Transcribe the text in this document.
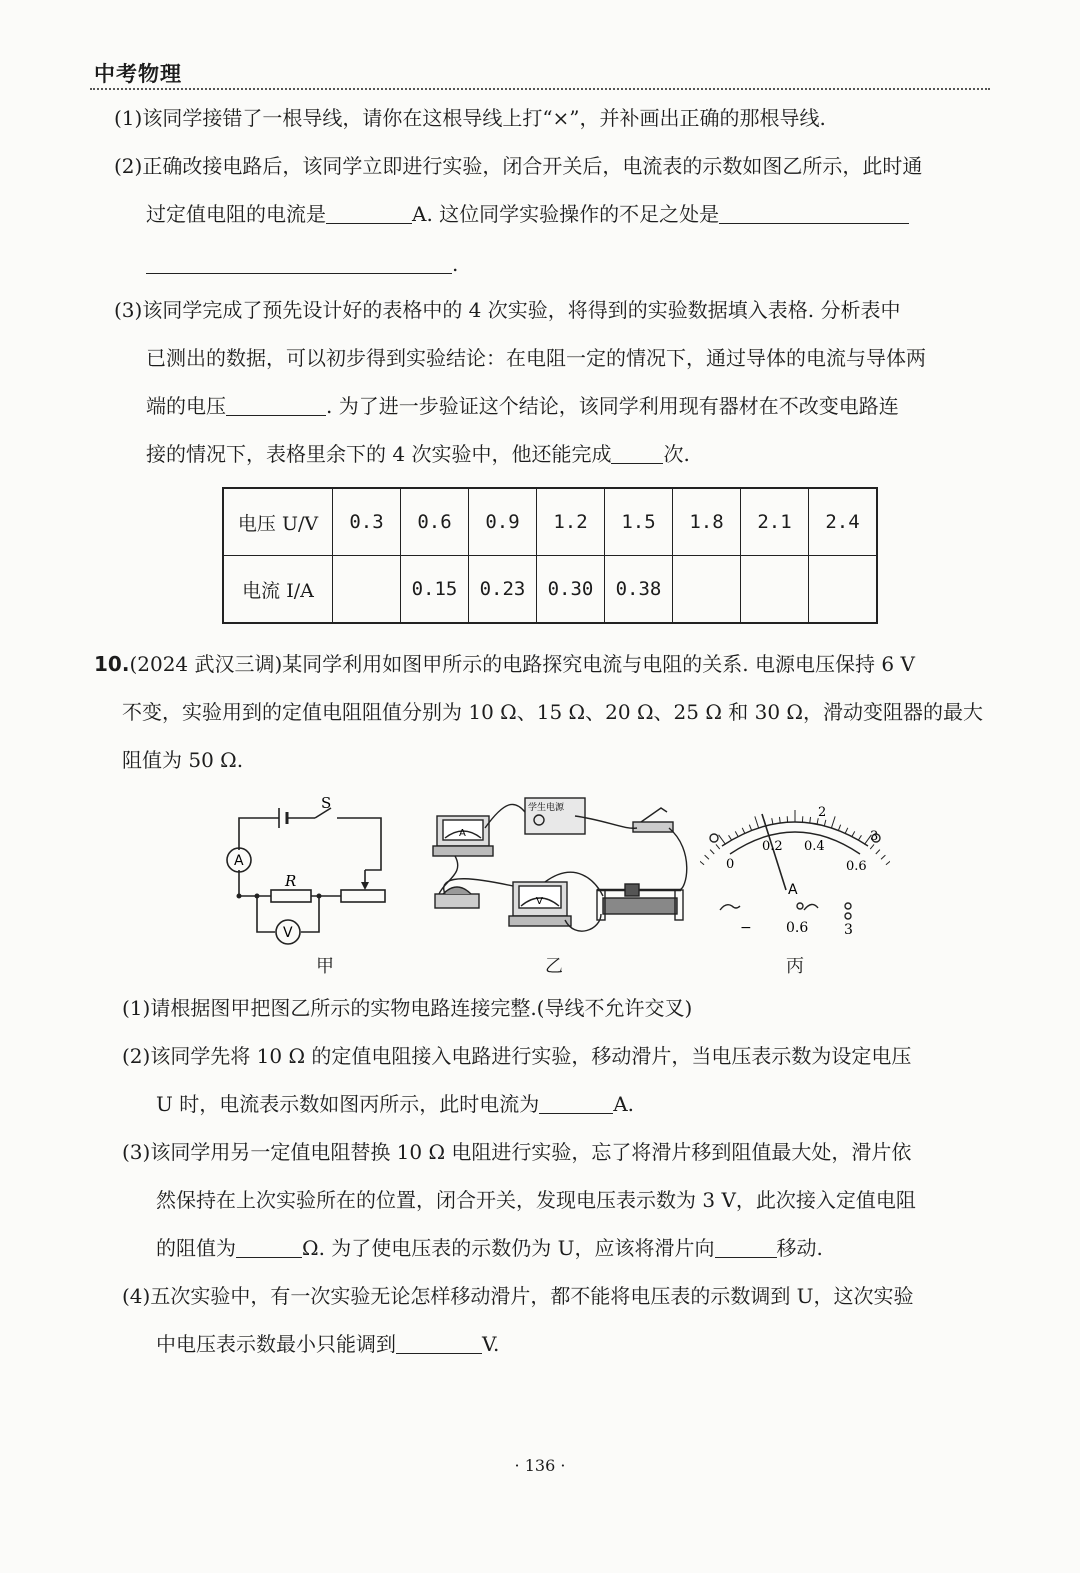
中考物理
(1)该同学接错了一根导线，请你在这根导线上打“×”，并补画出正确的那根导线.
(2)正确改接电路后，该同学立即进行实验，闭合开关后，电流表的示数如图乙所示，此时通
过定值电阻的电流是	A. 这位同学实验操作的不足之处是
.
(3)该同学完成了预先设计好的表格中的 4 次实验，将得到的实验数据填入表格. 分析表中
已测出的数据，可以初步得到实验结论：在电阻一定的情况下，通过导体的电流与导体两
端的电压	. 为了进一步验证这个结论，该同学利用现有器材在不改变电路连
接的情况下，表格里余下的 4 次实验中，他还能完成	次.
电压 U/V	0.3	0.6	0.9	1.2	1.5	1.8	2.1	2.4
电流 I/A		0.15	0.23	0.30	0.38			
10.(2024 武汉三调)某同学利用如图甲所示的电路探究电流与电阻的关系. 电源电压保持 6 V
不变，实验用到的定值电阻阻值分别为 10 Ω、15 Ω、20 Ω、25 Ω 和 30 Ω，滑动变阻器的最大
阻值为 50 Ω.
S
R
A
V
甲
学生电源
A
V
乙
2
3
0
0.2 0.4
0.6
A
− 0.6	3
丙
(1)请根据图甲把图乙所示的实物电路连接完整.(导线不允许交叉)
(2)该同学先将 10 Ω 的定值电阻接入电路进行实验，移动滑片，当电压表示数为设定电压
U 时，电流表示数如图丙所示，此时电流为	A.
(3)该同学用另一定值电阻替换 10 Ω 电阻进行实验，忘了将滑片移到阻值最大处，滑片依
然保持在上次实验所在的位置，闭合开关，发现电压表示数为 3 V，此次接入定值电阻
的阻值为	Ω. 为了使电压表的示数仍为 U，应该将滑片向	移动.
(4)五次实验中，有一次实验无论怎样移动滑片，都不能将电压表的示数调到 U，这次实验
中电压表示数最小只能调到	V.
· 136 ·
